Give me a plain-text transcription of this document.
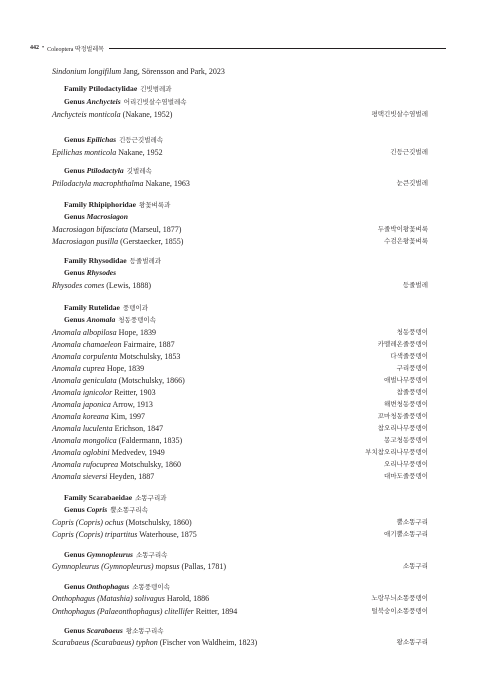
442 • Coleoptera 딱정벌레목
Sindonium longifilum Jang, Sörensson and Park, 2023
Family Ptilodactylidae 긴빗범레과
Genus Anchycteis 어리긴빗살수염벌레속
Anchycteis monticola (Nakane, 1952)	평택긴빗살수염벌레
Genus Epilichas 긴등근깃벌레속
Epilichas monticola Nakane, 1952	긴등근깃벌레
Genus Ptilodactyla 깃벌레속
Ptilodactyla macrophthalma Nakane, 1963	눈큰깃벌레
Family Rhipiphoridae 왕꽃벼룩과
Genus Macrosiagon
Macrosiagon bifasciata (Marseul, 1877)	두줄박이왕꽃벼룩
Macrosiagon pusilla (Gerstaecker, 1855)	수검은왕꽃벼룩
Family Rhysodidae 등줄벌레과
Genus Rhysodes
Rhysodes comes (Lewis, 1888)	등줄벌레
Family Rutelidae 풍뎅이과
Genus Anomala 청동풍뎅이속
Anomala albopilosa Hope, 1839	청동풍뎅이
Anomala chamaeleon Fairmaire, 1887	카멜레온줄풍뎅이
Anomala corpulenta Motschulsky, 1853	다색줄풍뎅이
Anomala cuprea Hope, 1839	구리풍뎅이
Anomala geniculata (Motschulsky, 1866)	애벌나무풍뎅이
Anomala ignicolor Reitter, 1903	참줄풍뎅이
Anomala japonica Arrow, 1913	해변청동풍뎅이
Anomala koreana Kim, 1997	꼬마청동줄풍뎅이
Anomala luculenta Erichson, 1847	참오리나무풍뎅이
Anomala mongolica (Faldermann, 1835)	몽고청동풍뎅이
Anomala oglobini Medvedev, 1949	부치참오리나무풍뎅이
Anomala rufocuprea Motschulsky, 1860	오리나무풍뎅이
Anomala sieversi Heyden, 1887	대마도줄풍뎅이
Family Scarabaeidae 소똥구리과
Genus Copris 뿔소똥구리속
Copris (Copris) ochus (Motschulsky, 1860)	뿔소똥구리
Copris (Copris) tripartitus Waterhouse, 1875	애기뿔소똥구리
Genus Gymnopleurus 소똥구리속
Gymnopleurus (Gymnopleurus) mopsus (Pallas, 1781)	소똥구리
Genus Onthophagus 소똥풍뎅이속
Onthophagus (Matashia) solivagus Harold, 1886	노랑무늬소똥풍뎅이
Onthophagus (Palaeonthophagus) clitellifer Reitter, 1894	털북숭이소똥풍뎅이
Genus Scarabaeus 왕소똥구리속
Scarabaeus (Scarabaeus) typhon (Fischer von Waldheim, 1823)	왕소똥구리
